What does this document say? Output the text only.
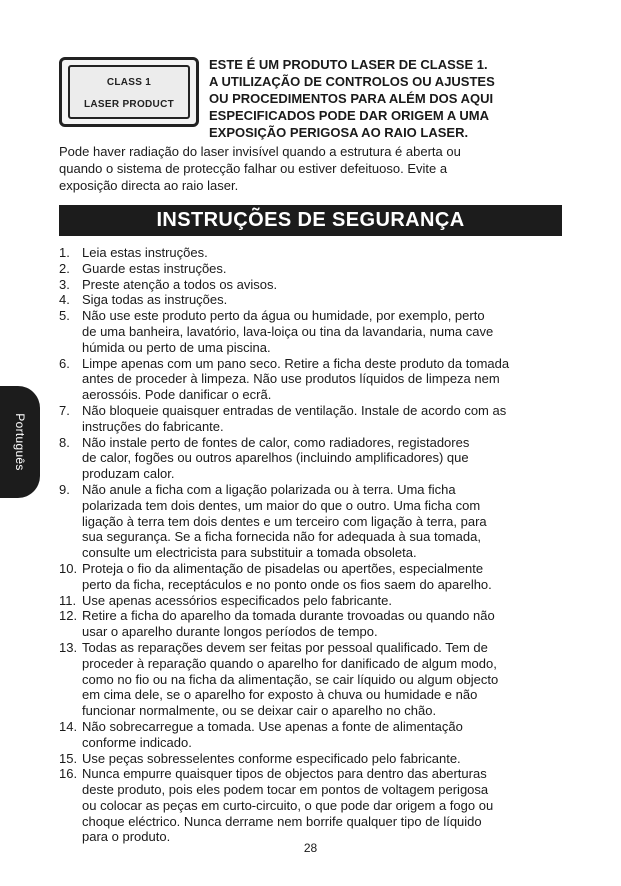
CLASS 1
LASER PRODUCT
ESTE É UM PRODUTO LASER DE CLASSE 1.
A UTILIZAÇÃO DE CONTROLOS OU AJUSTES
OU PROCEDIMENTOS PARA ALÉM DOS AQUI
ESPECIFICADOS PODE DAR ORIGEM A UMA
EXPOSIÇÃO PERIGOSA AO RAIO LASER.
Pode haver radiação do laser invisível quando a estrutura é aberta ou
quando o sistema de protecção falhar ou estiver defeituoso. Evite a
exposição directa ao raio laser.
INSTRUÇÕES DE SEGURANÇA
Português
1. Leia estas instruções.
2. Guarde estas instruções.
3. Preste atenção a todos os avisos.
4. Siga todas as instruções.
5. Não use este produto perto da água ou humidade, por exemplo, perto
de uma banheira, lavatório, lava-loiça ou tina da lavandaria, numa cave
húmida ou perto de uma piscina.
6. Limpe apenas com um pano seco. Retire a ficha deste produto da tomada
antes de proceder à limpeza. Não use produtos líquidos de limpeza nem
aerossóis. Pode danificar o ecrã.
7. Não bloqueie quaisquer entradas de ventilação. Instale de acordo com as
instruções do fabricante.
8. Não instale perto de fontes de calor, como radiadores, registadores
de calor, fogões ou outros aparelhos (incluindo amplificadores) que
produzam calor.
9. Não anule a ficha com a ligação polarizada ou à terra. Uma ficha
polarizada tem dois dentes, um maior do que o outro. Uma ficha com
ligação à terra tem dois dentes e um terceiro com ligação à terra, para
sua segurança. Se a ficha fornecida não for adequada à sua tomada,
consulte um electricista para substituir a tomada obsoleta.
10. Proteja o fio da alimentação de pisadelas ou apertões, especialmente
perto da ficha, receptáculos e no ponto onde os fios saem do aparelho.
11. Use apenas acessórios especificados pelo fabricante.
12. Retire a ficha do aparelho da tomada durante trovoadas ou quando não
usar o aparelho durante longos períodos de tempo.
13. Todas as reparações devem ser feitas por pessoal qualificado. Tem de
proceder à reparação quando o aparelho for danificado de algum modo,
como no fio ou na ficha da alimentação, se cair líquido ou algum objecto
em cima dele, se o aparelho for exposto à chuva ou humidade e não
funcionar normalmente, ou se deixar cair o aparelho no chão.
14. Não sobrecarregue a tomada. Use apenas a fonte de alimentação
conforme indicado.
15. Use peças sobresselentes conforme especificado pelo fabricante.
16. Nunca empurre quaisquer tipos de objectos para dentro das aberturas
deste produto, pois eles podem tocar em pontos de voltagem perigosa
ou colocar as peças em curto-circuito, o que pode dar origem a fogo ou
choque eléctrico. Nunca derrame nem borrife qualquer tipo de líquido
para o produto.
28
